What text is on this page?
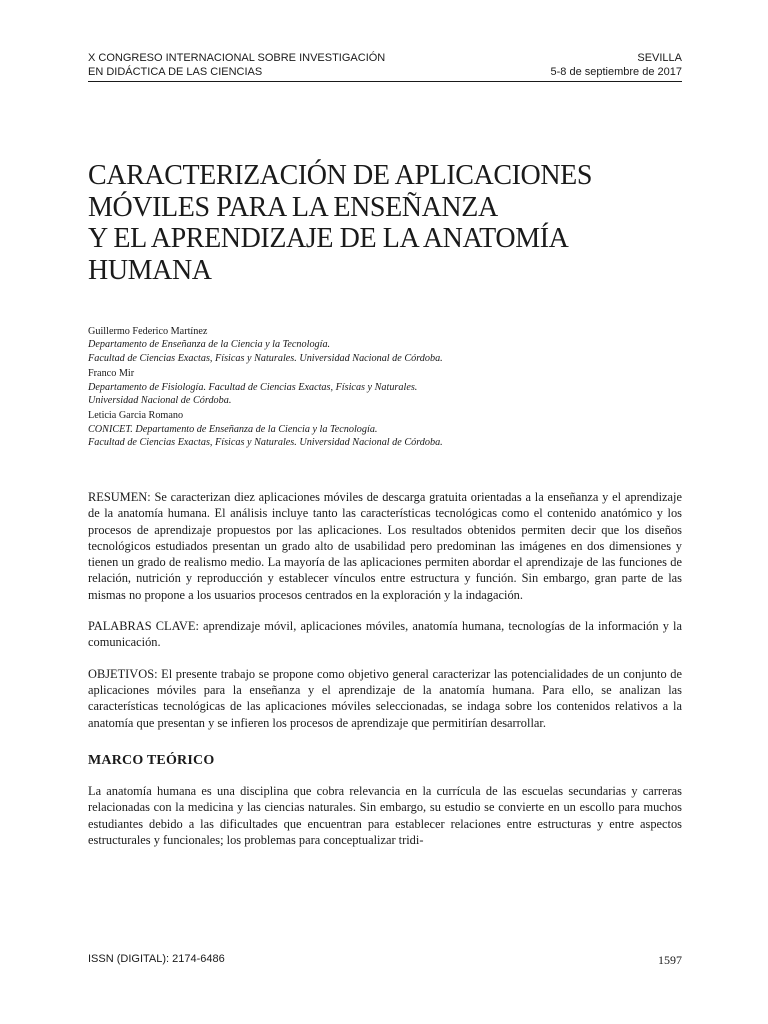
X CONGRESO INTERNACIONAL SOBRE INVESTIGACIÓN
EN DIDÁCTICA DE LAS CIENCIAS
SEVILLA
5-8 de septiembre de 2017
CARACTERIZACIÓN DE APLICACIONES
MÓVILES PARA LA ENSEÑANZA
Y EL APRENDIZAJE DE LA ANATOMÍA
HUMANA
Guillermo Federico Martínez
Departamento de Enseñanza de la Ciencia y la Tecnología.
Facultad de Ciencias Exactas, Físicas y Naturales. Universidad Nacional de Córdoba.
Franco Mir
Departamento de Fisiología. Facultad de Ciencias Exactas, Físicas y Naturales.
Universidad Nacional de Córdoba.
Leticia Garcia Romano
CONICET. Departamento de Enseñanza de la Ciencia y la Tecnología.
Facultad de Ciencias Exactas, Físicas y Naturales. Universidad Nacional de Córdoba.

RESUMEN: Se caracterizan diez aplicaciones móviles de descarga gratuita orientadas a la enseñanza y el aprendizaje de la anatomía humana. El análisis incluye tanto las características tecnológicas como el contenido anatómico y los procesos de aprendizaje propuestos por las aplicaciones. Los resultados obtenidos permiten decir que los diseños tecnológicos estudiados presentan un grado alto de usabilidad pero predominan las imágenes en dos dimensiones y tienen un grado de realismo medio. La mayoría de las aplicaciones permiten abordar el aprendizaje de las funciones de relación, nutrición y reproducción y establecer vínculos entre estructura y función. Sin embargo, gran parte de las mismas no propone a los usuarios procesos centrados en la exploración y la indagación.

PALABRAS CLAVE: aprendizaje móvil, aplicaciones móviles, anatomía humana, tecnologías de la información y la comunicación.

OBJETIVOS: El presente trabajo se propone como objetivo general caracterizar las potencialidades de un conjunto de aplicaciones móviles para la enseñanza y el aprendizaje de la anatomía humana. Para ello, se analizan las características tecnológicas de las aplicaciones móviles seleccionadas, se indaga sobre los contenidos relativos a la anatomía que presentan y se infieren los procesos de aprendizaje que permitirían desarrollar.

MARCO TEÓRICO

La anatomía humana es una disciplina que cobra relevancia en la currícula de las escuelas secundarias y carreras relacionadas con la medicina y las ciencias naturales. Sin embargo, su estudio se convierte en un escollo para muchos estudiantes debido a las dificultades que encuentran para establecer relaciones entre estructuras y entre aspectos estructurales y funcionales; los problemas para conceptualizar tridi-

ISSN (DIGITAL): 2174-6486	1597
